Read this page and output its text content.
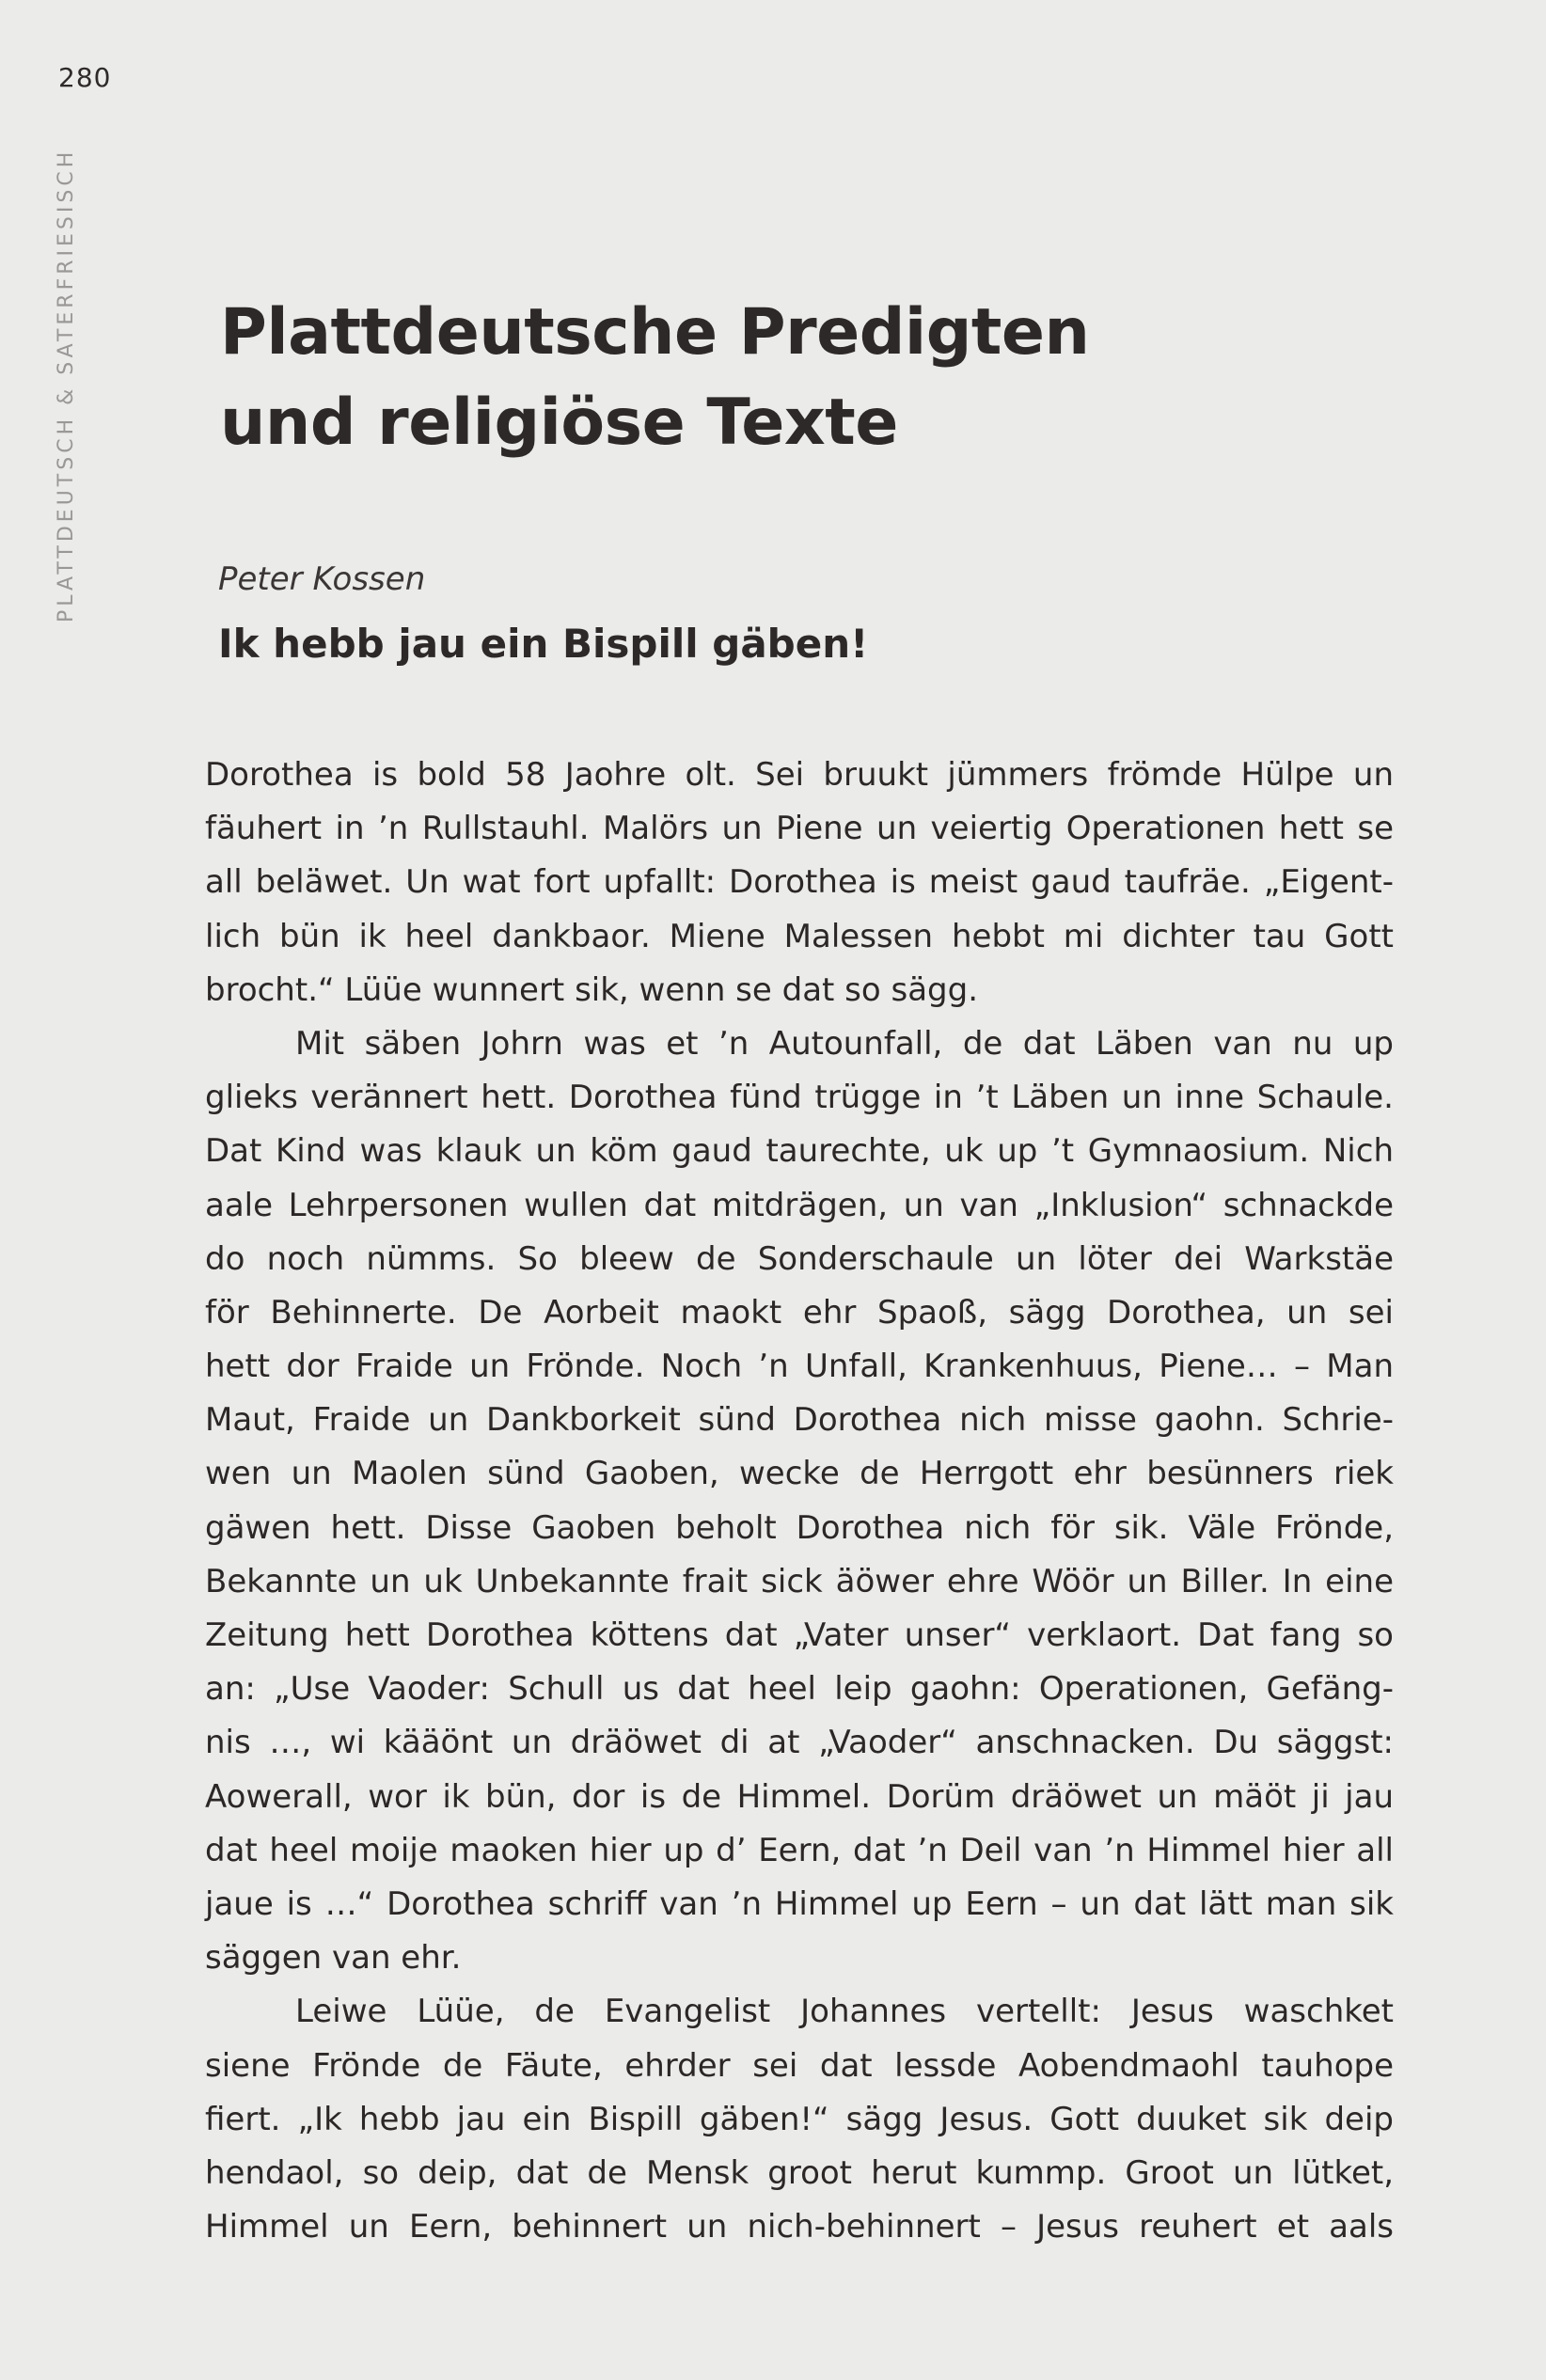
280
PLATTDEUTSCH & SATERFRIESISCH Plattdeutsche Predigten
und religiöse Texte
Peter Kossen
Ik hebb jau ein Bispill gäben!
Dorothea is bold 58 Jaohre olt. Sei bruukt jümmers frömde Hülpe un
fäuhert in ’n Rullstauhl. Malörs un Piene un veiertig Operationen hett se
all beläwet. Un wat fort upfallt: Dorothea is meist gaud taufräe. „Eigent-
lich bün ik heel dankbaor. Miene Malessen hebbt mi dichter tau Gott
brocht.“ Lüüe wunnert sik, wenn se dat so sägg.
Mit säben Johrn was et ’n Autounfall, de dat Läben van nu up
glieks verännert hett. Dorothea fünd trügge in ’t Läben un inne Schaule.
Dat Kind was klauk un köm gaud taurechte, uk up ’t Gymnaosium. Nich
aale Lehrpersonen wullen dat mitdrägen, un van „Inklusion“ schnackde
do noch nümms. So bleew de Sonderschaule un löter dei Warkstäe
för Behinnerte. De Aorbeit maokt ehr Spaoß, sägg Dorothea, un sei
hett dor Fraide un Frönde. Noch ’n Unfall, Krankenhuus, Piene… – Man
Maut, Fraide un Dankborkeit sünd Dorothea nich misse gaohn. Schrie-
wen un Maolen sünd Gaoben, wecke de Herrgott ehr besünners riek
gäwen hett. Disse Gaoben beholt Dorothea nich för sik. Väle Frönde,
Bekannte un uk Unbekannte frait sick äöwer ehre Wöör un Biller. In eine
Zeitung hett Dorothea köttens dat „Vater unser“ verklaort. Dat fang so
an: „Use Vaoder: Schull us dat heel leip gaohn: Operationen, Gefäng-
nis …, wi kääönt un dräöwet di at „Vaoder“ anschnacken. Du säggst:
Aowerall, wor ik bün, dor is de Himmel. Dorüm dräöwet un mäöt ji jau
dat heel moije maoken hier up d’ Eern, dat ’n Deil van ’n Himmel hier all
jaue is …“ Dorothea schriff van ’n Himmel up Eern – un dat lätt man sik
säggen van ehr.
Leiwe Lüüe, de Evangelist Johannes vertellt: Jesus waschket
siene Frönde de Fäute, ehrder sei dat lessde Aobendmaohl tauhope
fiert. „Ik hebb jau ein Bispill gäben!“ sägg Jesus. Gott duuket sik deip
hendaol, so deip, dat de Mensk groot herut kummp. Groot un lütket,
Himmel un Eern, behinnert un nich-behinnert – Jesus reuhert et aals
